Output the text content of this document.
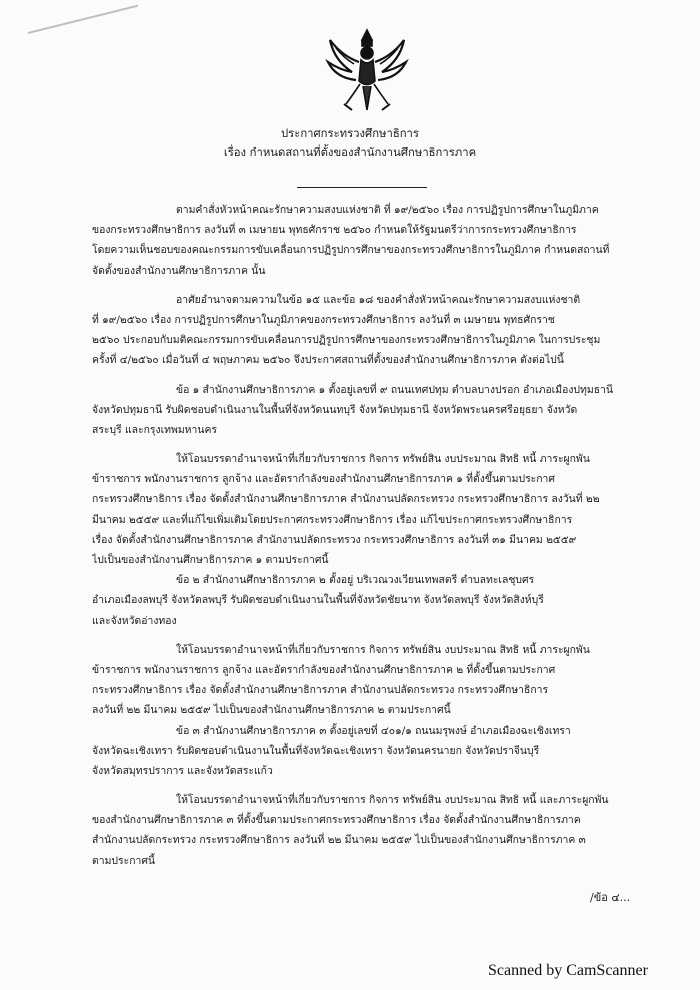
ประกาศกระทรวงศึกษาธิการ
เรื่อง กำหนดสถานที่ตั้งของสำนักงานศึกษาธิการภาค
ตามคำสั่งหัวหน้าคณะรักษาความสงบแห่งชาติ ที่ ๑๙/๒๕๖๐ เรื่อง การปฏิรูปการศึกษาในภูมิภาค
ของกระทรวงศึกษาธิการ ลงวันที่ ๓ เมษายน พุทธศักราช ๒๕๖๐ กำหนดให้รัฐมนตรีว่าการกระทรวงศึกษาธิการ
โดยความเห็นชอบของคณะกรรมการขับเคลื่อนการปฏิรูปการศึกษาของกระทรวงศึกษาธิการในภูมิภาค กำหนดสถานที่
จัดตั้งของสำนักงานศึกษาธิการภาค นั้น
อาศัยอำนาจตามความในข้อ ๑๕ และข้อ ๑๘ ของคำสั่งหัวหน้าคณะรักษาความสงบแห่งชาติ
ที่ ๑๙/๒๕๖๐ เรื่อง การปฏิรูปการศึกษาในภูมิภาคของกระทรวงศึกษาธิการ ลงวันที่ ๓ เมษายน พุทธศักราช
๒๕๖๐ ประกอบกับมติคณะกรรมการขับเคลื่อนการปฏิรูปการศึกษาของกระทรวงศึกษาธิการในภูมิภาค ในการประชุม
ครั้งที่ ๔/๒๕๖๐ เมื่อวันที่ ๔ พฤษภาคม ๒๕๖๐ จึงประกาศสถานที่ตั้งของสำนักงานศึกษาธิการภาค ดังต่อไปนี้
ข้อ ๑ สำนักงานศึกษาธิการภาค ๑ ตั้งอยู่เลขที่ ๙ ถนนเทศปทุม ตำบลบางปรอก อำเภอเมืองปทุมธานี
จังหวัดปทุมธานี รับผิดชอบดำเนินงานในพื้นที่จังหวัดนนทบุรี จังหวัดปทุมธานี จังหวัดพระนครศรีอยุธยา จังหวัด
สระบุรี และกรุงเทพมหานคร
ให้โอนบรรดาอำนาจหน้าที่เกี่ยวกับราชการ กิจการ ทรัพย์สิน งบประมาณ สิทธิ หนี้ ภาระผูกพัน
ข้าราชการ พนักงานราชการ ลูกจ้าง และอัตรากำลังของสำนักงานศึกษาธิการภาค ๑ ที่ตั้งขึ้นตามประกาศ
กระทรวงศึกษาธิการ เรื่อง จัดตั้งสำนักงานศึกษาธิการภาค สำนักงานปลัดกระทรวง กระทรวงศึกษาธิการ ลงวันที่ ๒๒
มีนาคม ๒๕๕๙ และที่แก้ไขเพิ่มเติมโดยประกาศกระทรวงศึกษาธิการ เรื่อง แก้ไขประกาศกระทรวงศึกษาธิการ
เรื่อง จัดตั้งสำนักงานศึกษาธิการภาค สำนักงานปลัดกระทรวง กระทรวงศึกษาธิการ ลงวันที่ ๓๑ มีนาคม ๒๕๕๙
ไปเป็นของสำนักงานศึกษาธิการภาค ๑ ตามประกาศนี้
ข้อ ๒ สำนักงานศึกษาธิการภาค ๒ ตั้งอยู่ บริเวณวงเวียนเทพสตรี ตำบลทะเลชุบศร
อำเภอเมืองลพบุรี จังหวัดลพบุรี รับผิดชอบดำเนินงานในพื้นที่จังหวัดชัยนาท จังหวัดลพบุรี จังหวัดสิงห์บุรี
และจังหวัดอ่างทอง
ให้โอนบรรดาอำนาจหน้าที่เกี่ยวกับราชการ กิจการ ทรัพย์สิน งบประมาณ สิทธิ หนี้ ภาระผูกพัน
ข้าราชการ พนักงานราชการ ลูกจ้าง และอัตรากำลังของสำนักงานศึกษาธิการภาค ๒ ที่ตั้งขึ้นตามประกาศ
กระทรวงศึกษาธิการ เรื่อง จัดตั้งสำนักงานศึกษาธิการภาค สำนักงานปลัดกระทรวง กระทรวงศึกษาธิการ
ลงวันที่ ๒๒ มีนาคม ๒๕๕๙ ไปเป็นของสำนักงานศึกษาธิการภาค ๒ ตามประกาศนี้
ข้อ ๓ สำนักงานศึกษาธิการภาค ๓ ตั้งอยู่เลขที่ ๔๐๑/๑ ถนนมรุพงษ์ อำเภอเมืองฉะเชิงเทรา
จังหวัดฉะเชิงเทรา รับผิดชอบดำเนินงานในพื้นที่จังหวัดฉะเชิงเทรา จังหวัดนครนายก จังหวัดปราจีนบุรี
จังหวัดสมุทรปราการ และจังหวัดสระแก้ว
ให้โอนบรรดาอำนาจหน้าที่เกี่ยวกับราชการ กิจการ ทรัพย์สิน งบประมาณ สิทธิ หนี้ และภาระผูกพัน
ของสำนักงานศึกษาธิการภาค ๓ ที่ตั้งขึ้นตามประกาศกระทรวงศึกษาธิการ เรื่อง จัดตั้งสำนักงานศึกษาธิการภาค
สำนักงานปลัดกระทรวง กระทรวงศึกษาธิการ ลงวันที่ ๒๒ มีนาคม ๒๕๕๙ ไปเป็นของสำนักงานศึกษาธิการภาค ๓
ตามประกาศนี้
/ข้อ ๔...
Scanned by CamScanner
